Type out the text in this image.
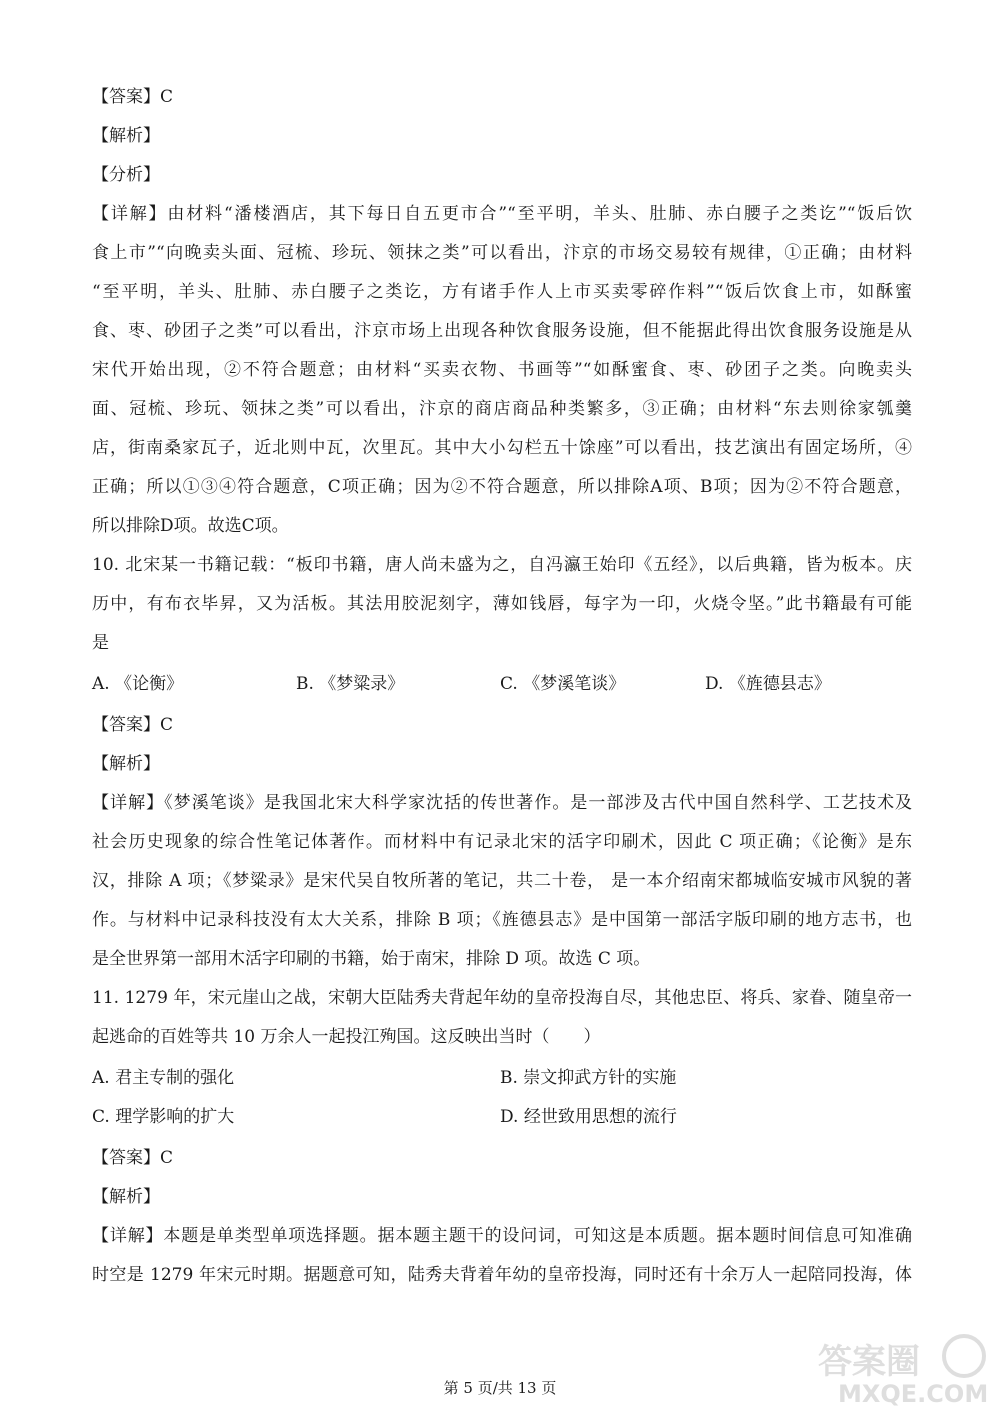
【答案】C
【解析】
【分析】
【详解】由材料“潘楼酒店，其下每日自五更市合”“至平明，羊头、肚肺、赤白腰子之类讫”“饭后饮
食上市”“向晚卖头面、冠梳、珍玩、领抹之类”可以看出，汴京的市场交易较有规律，①正确；由材料
“至平明，羊头、肚肺、赤白腰子之类讫，方有诸手作人上市买卖零碎作料”“饭后饮食上市，如酥蜜
食、枣、砂团子之类”可以看出，汴京市场上出现各种饮食服务设施，但不能据此得出饮食服务设施是从
宋代开始出现，②不符合题意；由材料“买卖衣物、书画等”“如酥蜜食、枣、砂团子之类。向晚卖头
面、冠梳、珍玩、领抹之类”可以看出，汴京的商店商品种类繁多，③正确；由材料“东去则徐家瓠羹
店，街南桑家瓦子，近北则中瓦，次里瓦。其中大小勾栏五十馀座”可以看出，技艺演出有固定场所，④
正确；所以①③④符合题意，C项正确；因为②不符合题意，所以排除A项、B项；因为②不符合题意，
所以排除D项。故选C项。
10. 北宋某一书籍记载：“板印书籍，唐人尚未盛为之，自冯瀛王始印《五经》，以后典籍，皆为板本。庆
历中，有布衣毕昇，又为活板。其法用胶泥刻字，薄如钱唇，每字为一印，火烧令坚。”此书籍最有可能
是
A. 《论衡》	B. 《梦粱录》	C. 《梦溪笔谈》	D. 《旌德县志》
【答案】C
【解析】
【详解】《梦溪笔谈》是我国北宋大科学家沈括的传世著作。是一部涉及古代中国自然科学、工艺技术及
社会历史现象的综合性笔记体著作。而材料中有记录北宋的活字印刷术，因此 C 项正确；《论衡》是东
汉，排除 A 项；《梦粱录》是宋代吴自牧所著的笔记，共二十卷， 是一本介绍南宋都城临安城市风貌的著
作。与材料中记录科技没有太大关系，排除 B 项；《旌德县志》是中国第一部活字版印刷的地方志书，也
是全世界第一部用木活字印刷的书籍，始于南宋，排除 D 项。故选 C 项。
11. 1279 年，宋元崖山之战，宋朝大臣陆秀夫背起年幼的皇帝投海自尽，其他忠臣、将兵、家眷、随皇帝一
起逃命的百姓等共 10 万余人一起投江殉国。这反映出当时（　　）
A. 君主专制的强化	B. 崇文抑武方针的实施
C. 理学影响的扩大	D. 经世致用思想的流行
【答案】C
【解析】
【详解】本题是单类型单项选择题。据本题主题干的设问词，可知这是本质题。据本题时间信息可知准确
时空是 1279 年宋元时期。据题意可知，陆秀夫背着年幼的皇帝投海，同时还有十余万人一起陪同投海，体
第 5 页/共 13 页
答案圈
MXQE.COM
